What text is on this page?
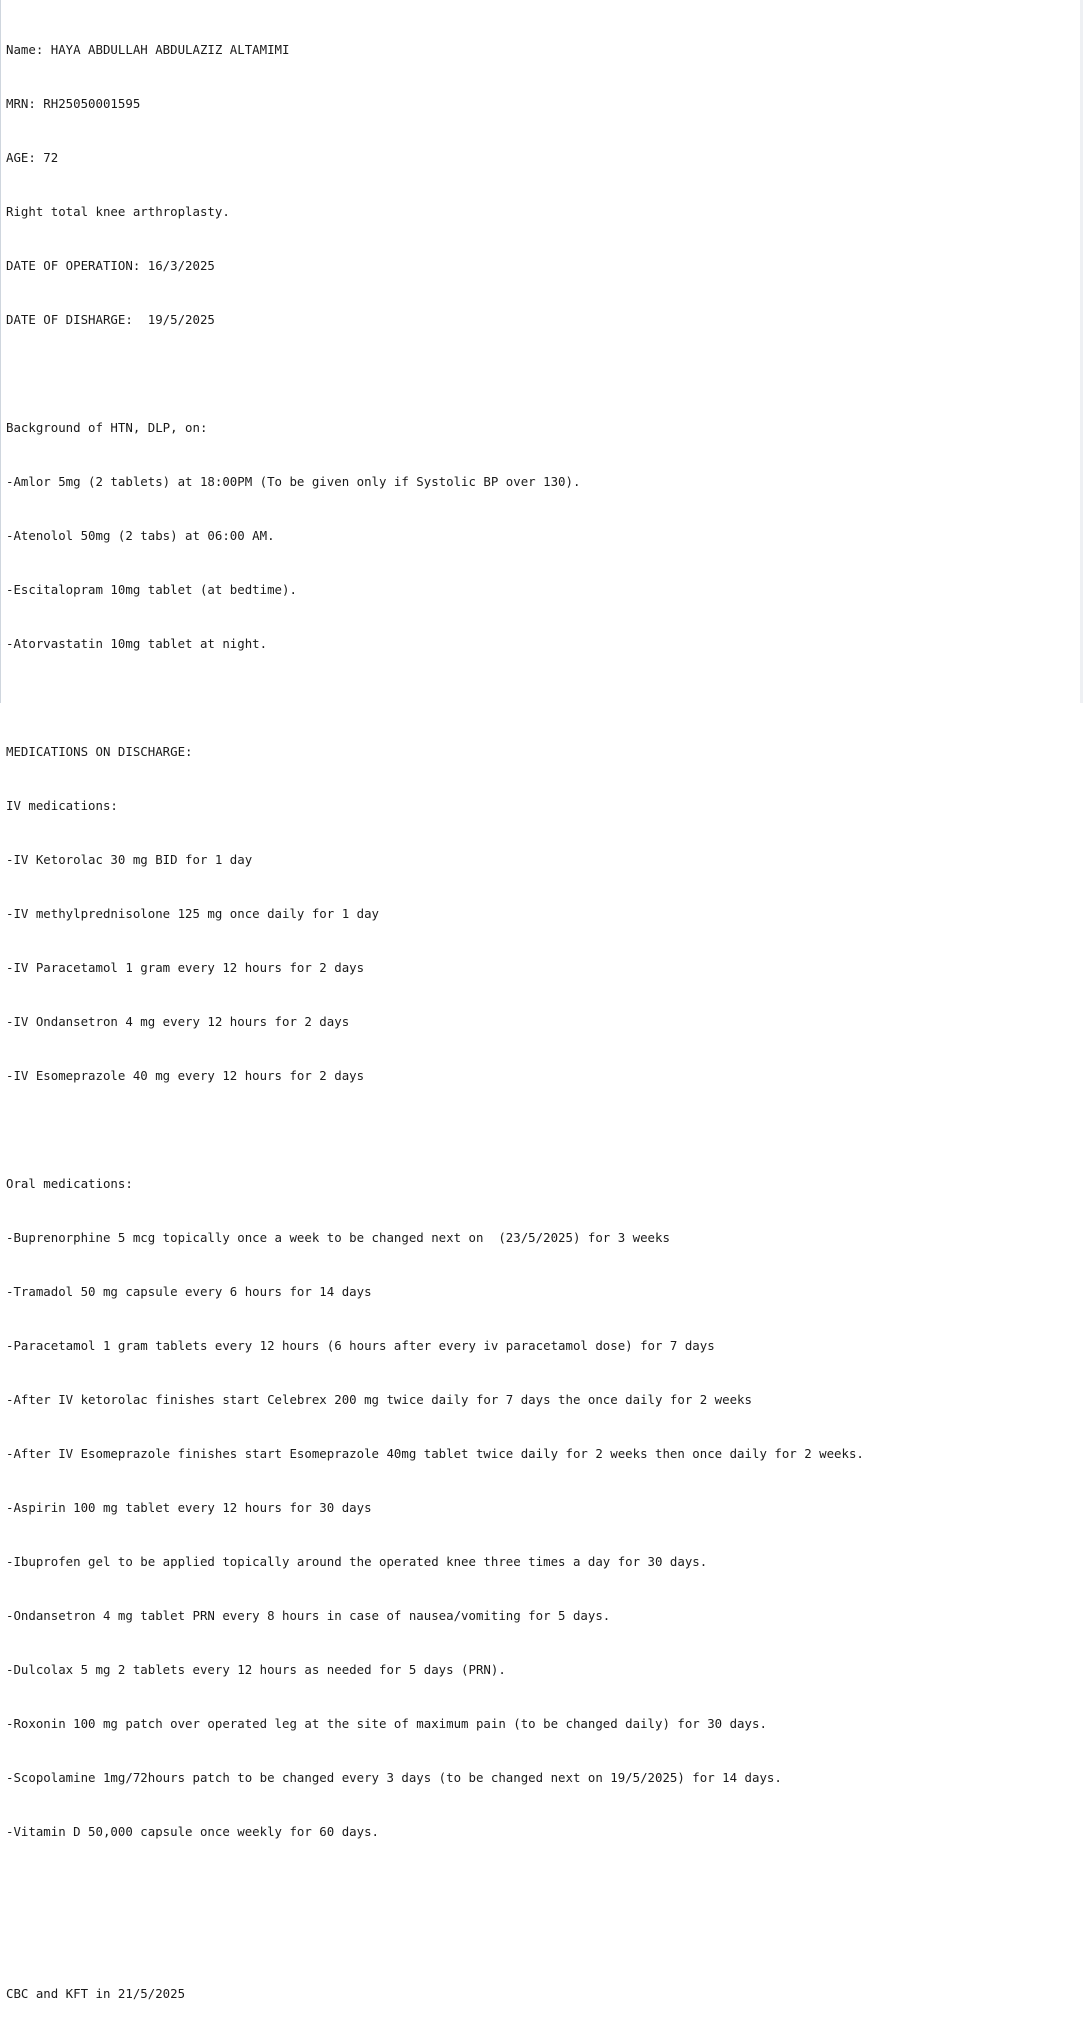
Name: HAYA ABDULLAH ABDULAZIZ ALTAMIMI

MRN: RH25050001595

AGE: 72

Right total knee arthroplasty.

DATE OF OPERATION: 16/3/2025

DATE OF DISHARGE:  19/5/2025

Background of HTN, DLP, on:

-Amlor 5mg (2 tablets) at 18:00PM (To be given only if Systolic BP over 130).

-Atenolol 50mg (2 tabs) at 06:00 AM.

-Escitalopram 10mg tablet (at bedtime).

-Atorvastatin 10mg tablet at night.

MEDICATIONS ON DISCHARGE:

IV medications:

-IV Ketorolac 30 mg BID for 1 day

-IV methylprednisolone 125 mg once daily for 1 day

-IV Paracetamol 1 gram every 12 hours for 2 days

-IV Ondansetron 4 mg every 12 hours for 2 days

-IV Esomeprazole 40 mg every 12 hours for 2 days

Oral medications:

-Buprenorphine 5 mcg topically once a week to be changed next on  (23/5/2025) for 3 weeks

-Tramadol 50 mg capsule every 6 hours for 14 days

-Paracetamol 1 gram tablets every 12 hours (6 hours after every iv paracetamol dose) for 7 days

-After IV ketorolac finishes start Celebrex 200 mg twice daily for 7 days the once daily for 2 weeks

-After IV Esomeprazole finishes start Esomeprazole 40mg tablet twice daily for 2 weeks then once daily for 2 weeks.

-Aspirin 100 mg tablet every 12 hours for 30 days

-Ibuprofen gel to be applied topically around the operated knee three times a day for 30 days.

-Ondansetron 4 mg tablet PRN every 8 hours in case of nausea/vomiting for 5 days.

-Dulcolax 5 mg 2 tablets every 12 hours as needed for 5 days (PRN).

-Roxonin 100 mg patch over operated leg at the site of maximum pain (to be changed daily) for 30 days.

-Scopolamine 1mg/72hours patch to be changed every 3 days (to be changed next on 19/5/2025) for 14 days.

-Vitamin D 50,000 capsule once weekly for 60 days.

CBC and KFT in 21/5/2025
